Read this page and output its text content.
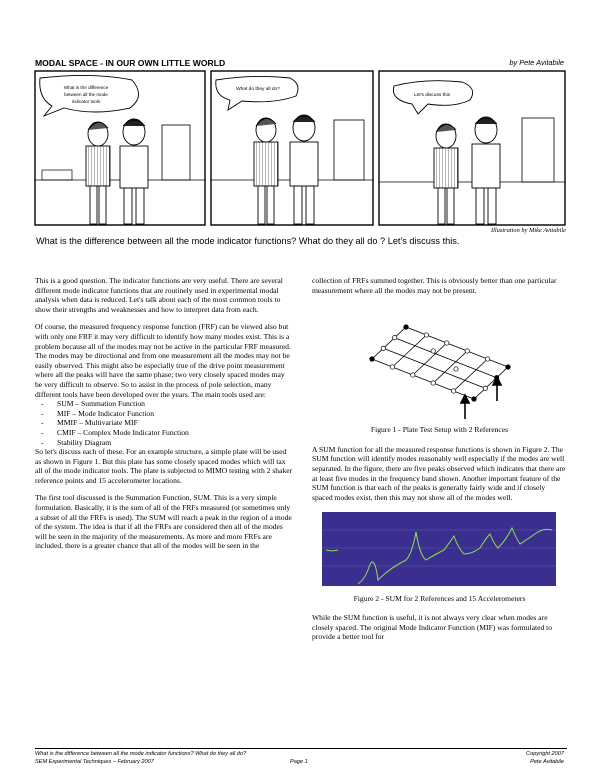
MODAL SPACE - IN OUR OWN LITTLE WORLD	by Pete Avitabile
What is the difference
between all the mode
indicator tools
What do they all do?
Let's discuss this
Illustration by Mike Avitabile
What is the difference between all the mode indicator functions? What do they all do ? Let's discuss this.

This is a good question. The indicator functions are very useful. There are several different mode indicator functions that are routinely used in experimental modal analysis when data is reduced. Let's talk about each of the most common tools to show their strengths and weaknesses and how to interpret data from each.

Of course, the measured frequency response function (FRF) can be viewed also but with only one FRF it may very difficult to identify how many modes exist. This is a problem because all of the modes may not be active in the particular FRF measured. The modes may be directional and from one measurement all the modes may not be easily observed. This might also be especially true of the drive point measurement where all the peaks will have the same phase; two very closely spaced modes may be very difficult to observe. So to assist in the process of pole selection, many different tools have been developed over the years. The main tools used are:

- SUM – Summation Function
- MIF – Mode Indicator Function
- MMIF – Multivariate MIF
- CMIF – Complex Mode Indicator Function
- Stability Diagram

So let's discuss each of these. For an example structure, a simple plate will be used as shown in Figure 1. But this plate has some closely spaced modes which will tax all of the mode indicator tools. The plate is subjected to MIMO testing with 2 shaker reference points and 15 accelerometer locations.

The first tool discussed is the Summation Function, SUM. This is a very simple formulation. Basically, it is the sum of all of the FRFs measured (or sometimes only a subset of all the FRFs is used). The SUM will reach a peak in the region of a mode of the system. The idea is that if all the FRFs are considered then all of the modes will be seen in the majority of the measurements. As more and more FRFs are included, there is a greater chance that all of the modes will be seen in the

collection of FRFs summed together. This is obviously better than one particular measurement where all the modes may not be present.

Figure 1 - Plate Test Setup with 2 References

A SUM function for all the measured response functions is shown in Figure 2. The SUM function will identify modes reasonably well especially if the modes are well separated. In the figure, there are five peaks observed which indicates that there are at least five modes in the frequency band shown. Another important feature of the SUM function is that each of the peaks is generally fairly wide and if closely spaced modes exist, then this may not show all of the modes well.

Figure 2 - SUM for 2 References and 15 Accelerometers

While the SUM function is useful, it is not always very clear when modes are closely spaced. The original Mode Indicator Function (MIF) was formulated to provide a better tool for

What is the difference between all the mode indicator functions? What do they all do?	Copyright 2007
SEM Experimental Techniques – February 2007	Page 1	Pete Avitabile
